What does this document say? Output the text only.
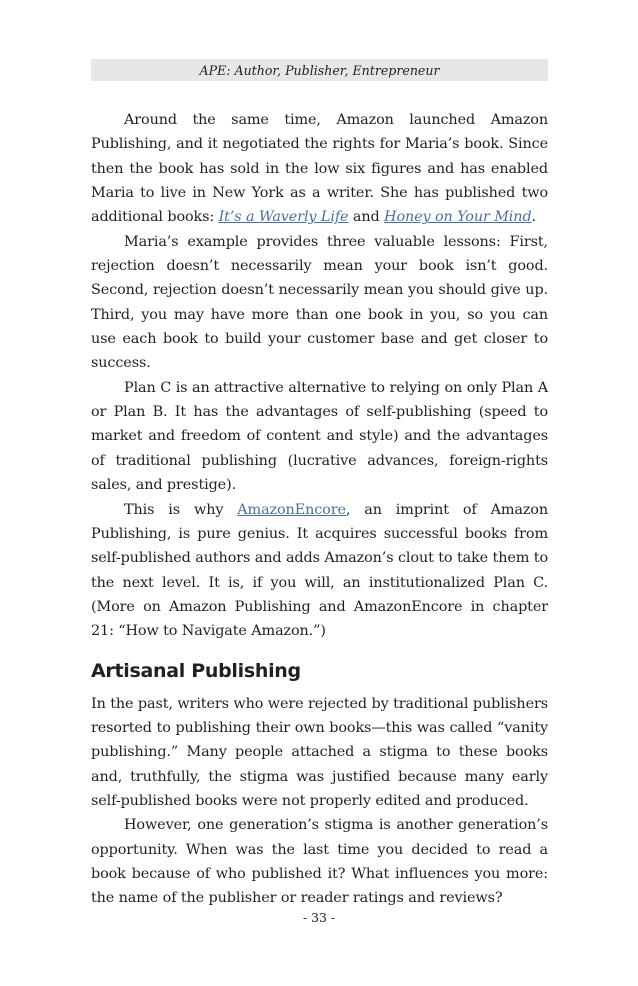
APE: Author, Publisher, Entrepreneur

Around the same time, Amazon launched Amazon Publishing, and it negotiated the rights for Maria’s book. Since then the book has sold in the low six figures and has enabled Maria to live in New York as a writer. She has published two additional books: It’s a Waverly Life and Honey on Your Mind.

Maria’s example provides three valuable lessons: First, rejection doesn’t necessarily mean your book isn’t good. Second, rejection doesn’t necessarily mean you should give up. Third, you may have more than one book in you, so you can use each book to build your customer base and get closer to success.

Plan C is an attractive alternative to relying on only Plan A or Plan B. It has the advantages of self-publishing (speed to market and freedom of content and style) and the advantages of traditional publishing (lucrative advances, foreign-rights sales, and prestige).

This is why AmazonEncore, an imprint of Amazon Publishing, is pure genius. It acquires successful books from self-published authors and adds Amazon’s clout to take them to the next level. It is, if you will, an institutionalized Plan C. (More on Amazon Publishing and AmazonEncore in chapter 21: “How to Navigate Amazon.”)

Artisanal Publishing

In the past, writers who were rejected by traditional publishers resorted to publishing their own books—this was called “vanity publishing.” Many people attached a stigma to these books and, truthfully, the stigma was justified because many early self-published books were not properly edited and produced.

However, one generation’s stigma is another generation’s opportunity. When was the last time you decided to read a book because of who published it? What influences you more: the name of the publisher or reader ratings and reviews?

- 33 -
